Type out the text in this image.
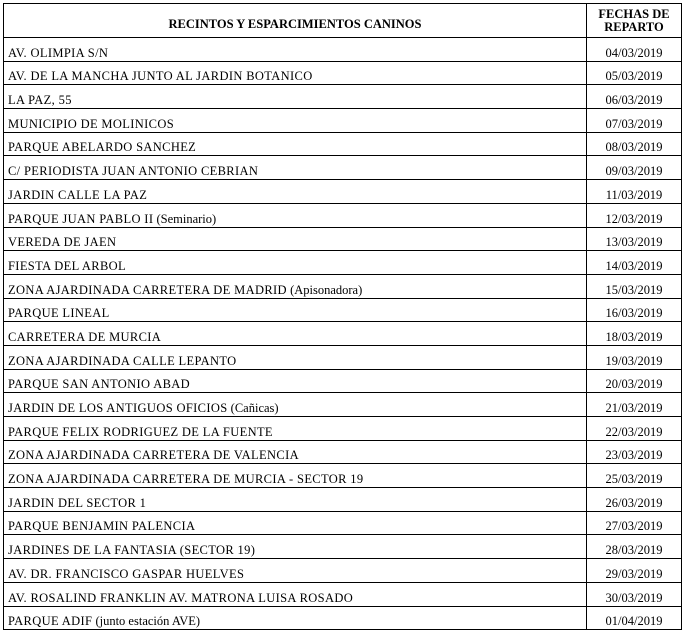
RECINTOS Y ESPARCIMIENTOS CANINOS	FECHAS DE
REPARTO

AV. OLIMPIA S/N	04/03/2019
AV. DE LA MANCHA JUNTO AL JARDIN BOTANICO	05/03/2019
LA PAZ, 55	06/03/2019
MUNICIPIO DE MOLINICOS	07/03/2019
PARQUE ABELARDO SANCHEZ	08/03/2019
C/ PERIODISTA JUAN ANTONIO CEBRIAN	09/03/2019
JARDIN CALLE LA PAZ	11/03/2019
PARQUE JUAN PABLO II (Seminario)	12/03/2019
VEREDA DE JAEN	13/03/2019
FIESTA DEL ARBOL	14/03/2019
ZONA AJARDINADA CARRETERA DE MADRID (Apisonadora)	15/03/2019
PARQUE LINEAL	16/03/2019
CARRETERA DE MURCIA	18/03/2019
ZONA AJARDINADA CALLE LEPANTO	19/03/2019
PARQUE SAN ANTONIO ABAD	20/03/2019
JARDIN DE LOS ANTIGUOS OFICIOS (Cañicas)	21/03/2019
PARQUE FELIX RODRIGUEZ DE LA FUENTE	22/03/2019
ZONA AJARDINADA CARRETERA DE VALENCIA	23/03/2019
ZONA AJARDINADA CARRETERA DE MURCIA - SECTOR 19	25/03/2019
JARDIN DEL SECTOR 1	26/03/2019
PARQUE BENJAMIN PALENCIA	27/03/2019
JARDINES DE LA FANTASIA (SECTOR 19)	28/03/2019
AV. DR. FRANCISCO GASPAR HUELVES	29/03/2019
AV. ROSALIND FRANKLIN AV. MATRONA LUISA ROSADO	30/03/2019
PARQUE ADIF (junto estación AVE)	01/04/2019
